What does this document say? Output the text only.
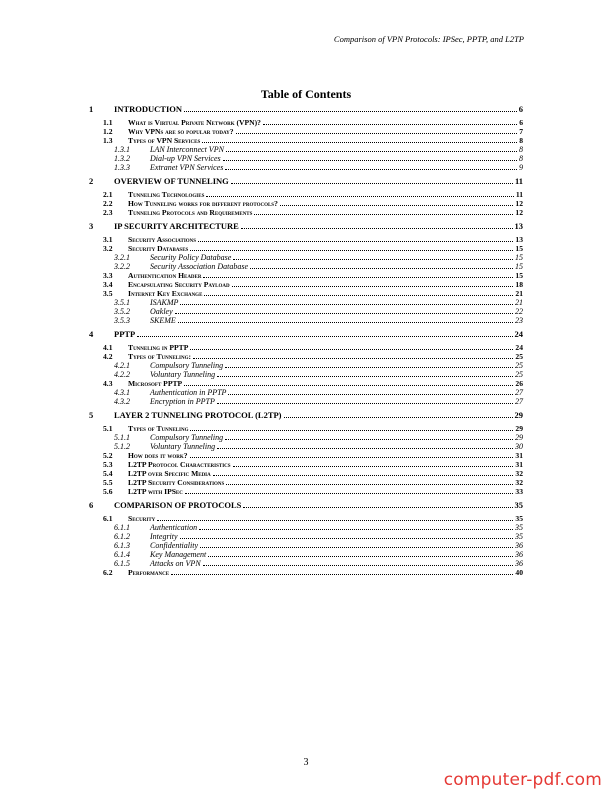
Comparison of VPN Protocols: IPSec, PPTP, and L2TP
Table of Contents
1	INTRODUCTION	6
1.1	What is Virtual Private Network (VPN)?	6
1.2	Why VPNs are so popular today?	7
1.3	Types of VPN Services	8
1.3.1	LAN Interconnect VPN	8
1.3.2	Dial-up VPN Services	8
1.3.3	Extranet VPN Services	9
2	OVERVIEW OF TUNNELING	11
2.1	Tunneling Technologies	11
2.2	How Tunneling works for different protocols?	12
2.3	Tunneling Protocols and Requirements	12
3	IP SECURITY ARCHITECTURE	13
3.1	Security Associations	13
3.2	Security Databases	15
3.2.1	Security Policy Database	15
3.2.2	Security Association Database	15
3.3	Authentication Header	15
3.4	Encapsulating Security Payload	18
3.5	Internet Key Exchange	21
3.5.1	ISAKMP	21
3.5.2	Oakley	22
3.5.3	SKEME	23
4	PPTP	24
4.1	Tunneling in PPTP	24
4.2	Types of Tunneling:	25
4.2.1	Compulsory Tunneling	25
4.2.2	Voluntary Tunneling	25
4.3	Microsoft PPTP	26
4.3.1	Authentication in PPTP	27
4.3.2	Encryption in PPTP	27
5	LAYER 2 TUNNELING PROTOCOL (L2TP)	29
5.1	Types of Tunneling	29
5.1.1	Compulsory Tunneling	29
5.1.2	Voluntary Tunneling	30
5.2	How does it work?	31
5.3	L2TP Protocol Characteristics	31
5.4	L2TP over Specific Media	32
5.5	L2TP Security Considerations	32
5.6	L2TP with IPSec	33
6	COMPARISON OF PROTOCOLS	35
6.1	Security	35
6.1.1	Authentication	35
6.1.2	Integrity	35
6.1.3	Confidentiality	36
6.1.4	Key Management	36
6.1.5	Attacks on VPN	36
6.2	Performance	40
3
computer-pdf.com
